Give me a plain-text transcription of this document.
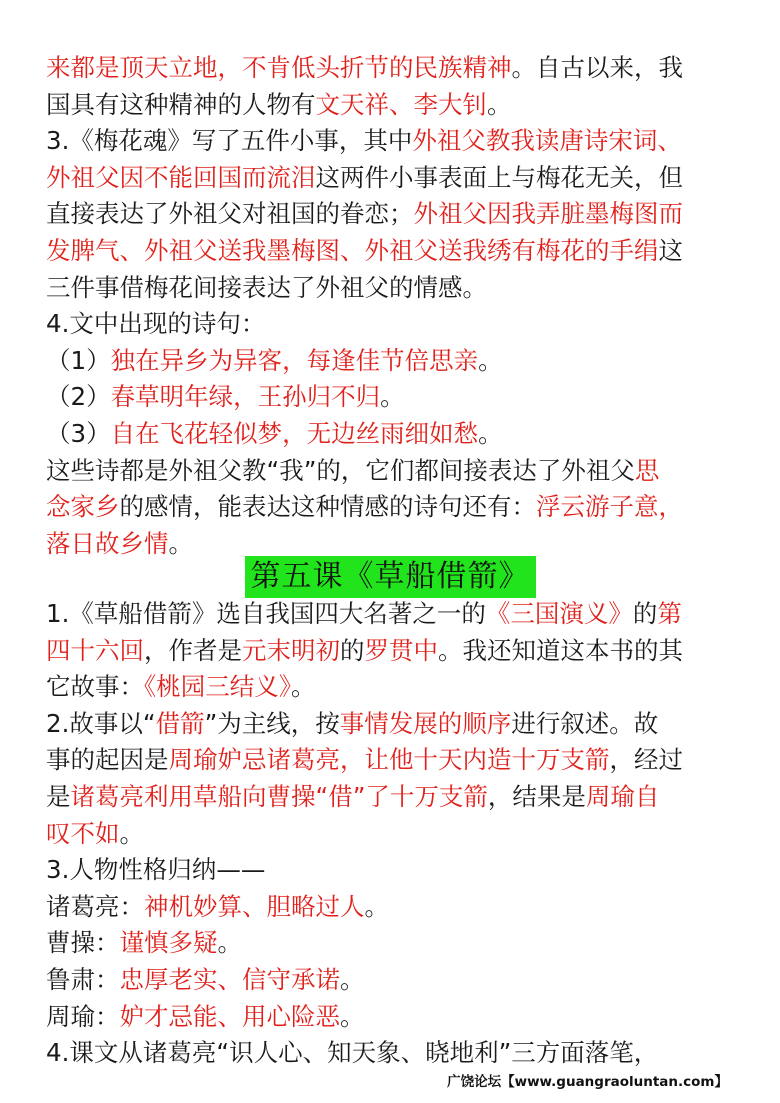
来都是顶天立地，不肯低头折节的民族精神。自古以来，我
国具有这种精神的人物有文天祥、李大钊。
3.《梅花魂》写了五件小事，其中外祖父教我读唐诗宋词、
外祖父因不能回国而流泪这两件小事表面上与梅花无关，但
直接表达了外祖父对祖国的眷恋；外祖父因我弄脏墨梅图而
发脾气、外祖父送我墨梅图、外祖父送我绣有梅花的手绢这
三件事借梅花间接表达了外祖父的情感。
4.文中出现的诗句：
（1）独在异乡为异客，每逢佳节倍思亲。
（2）春草明年绿，王孙归不归。
（3）自在飞花轻似梦，无边丝雨细如愁。
这些诗都是外祖父教“我”的，它们都间接表达了外祖父思
念家乡的感情，能表达这种情感的诗句还有：浮云游子意，
落日故乡情。
第五课《草船借箭》
1.《草船借箭》选自我国四大名著之一的《三国演义》的第
四十六回，作者是元末明初的罗贯中。我还知道这本书的其
它故事：《桃园三结义》。
2.故事以“借箭”为主线，按事情发展的顺序进行叙述。故
事的起因是周瑜妒忌诸葛亮，让他十天内造十万支箭，经过
是诸葛亮利用草船向曹操“借”了十万支箭，结果是周瑜自
叹不如。
3.人物性格归纳——
诸葛亮：神机妙算、胆略过人。
曹操：谨慎多疑。
鲁肃：忠厚老实、信守承诺。
周瑜：妒才忌能、用心险恶。
4.课文从诸葛亮“识人心、知天象、晓地利”三方面落笔，
广饶论坛【www.guangraoluntan.com】
